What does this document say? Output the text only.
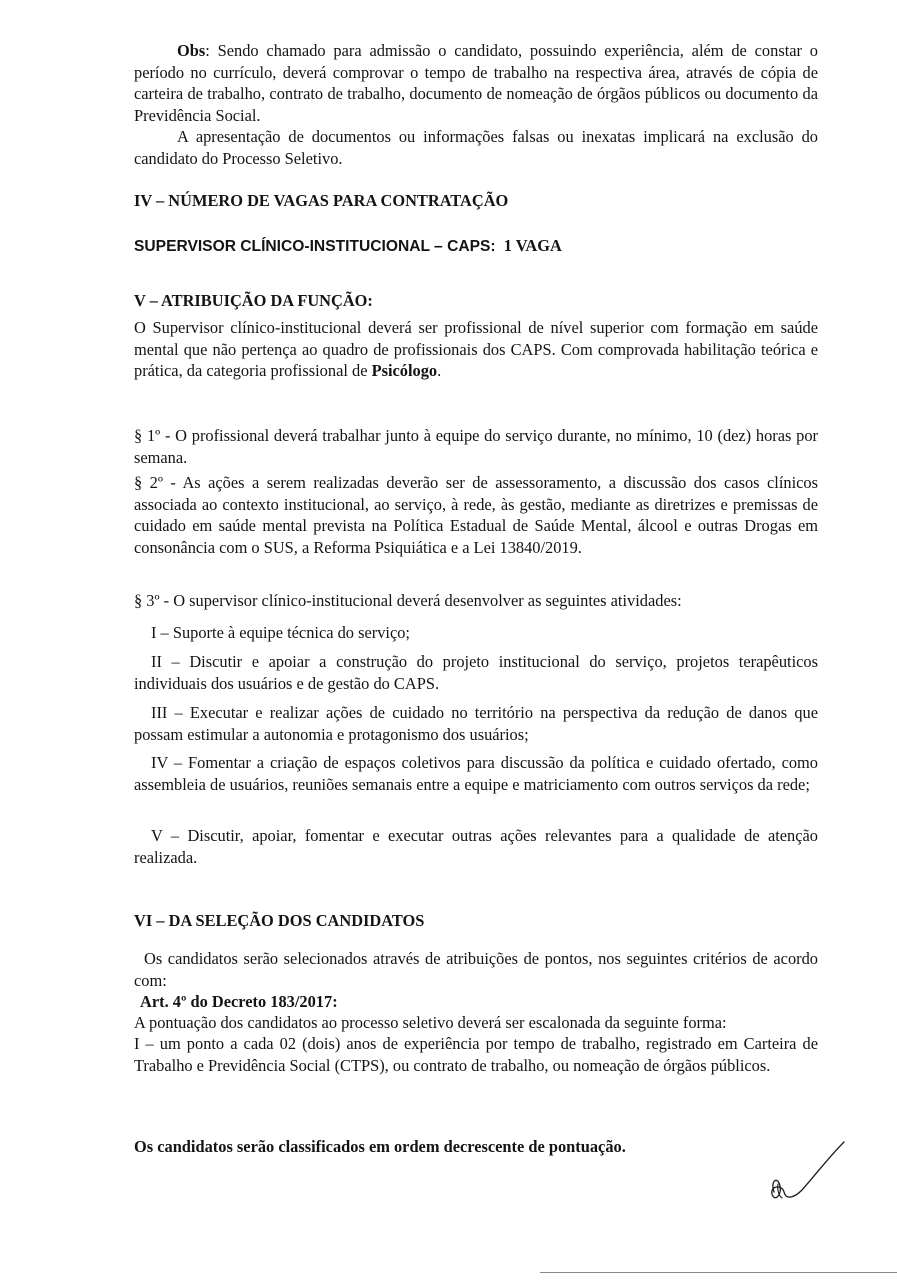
Obs: Sendo chamado para admissão o candidato, possuindo experiência, além de constar o período no currículo, deverá comprovar o tempo de trabalho na respectiva área, através de cópia de carteira de trabalho, contrato de trabalho, documento de nomeação de órgãos públicos ou documento da Previdência Social.

A apresentação de documentos ou informações falsas ou inexatas implicará na exclusão do candidato do Processo Seletivo.

IV – NÚMERO DE VAGAS PARA CONTRATAÇÃO
SUPERVISOR CLÍNICO-INSTITUCIONAL – CAPS: 1 VAGA
V – ATRIBUIÇÃO DA FUNÇÃO:

O Supervisor clínico-institucional deverá ser profissional de nível superior com formação em saúde mental que não pertença ao quadro de profissionais dos CAPS. Com comprovada habilitação teórica e prática, da categoria profissional de Psicólogo.

§ 1º - O profissional deverá trabalhar junto à equipe do serviço durante, no mínimo, 10 (dez) horas por semana.
§ 2º - As ações a serem realizadas deverão ser de assessoramento, a discussão dos casos clínicos associada ao contexto institucional, ao serviço, à rede, às gestão, mediante as diretrizes e premissas de cuidado em saúde mental prevista na Política Estadual de Saúde Mental, álcool e outras Drogas em consonância com o SUS, a Reforma Psiquiática e a Lei 13840/2019.
§ 3º - O supervisor clínico-institucional deverá desenvolver as seguintes atividades:
I – Suporte à equipe técnica do serviço;
II – Discutir e apoiar a construção do projeto institucional do serviço, projetos terapêuticos individuais dos usuários e de gestão do CAPS.
III – Executar e realizar ações de cuidado no território na perspectiva da redução de danos que possam estimular a autonomia e protagonismo dos usuários;
IV – Fomentar a criação de espaços coletivos para discussão da política e cuidado ofertado, como assembleia de usuários, reuniões semanais entre a equipe e matriciamento com outros serviços da rede;
V – Discutir, apoiar, fomentar e executar outras ações relevantes para a qualidade de atenção realizada.
VI – DA SELEÇÃO DOS CANDIDATOS
Os candidatos serão selecionados através de atribuições de pontos, nos seguintes critérios de acordo com:
Art. 4º do Decreto 183/2017:
A pontuação dos candidatos ao processo seletivo deverá ser escalonada da seguinte forma:
I – um ponto a cada 02 (dois) anos de experiência por tempo de trabalho, registrado em Carteira de Trabalho e Previdência Social (CTPS), ou contrato de trabalho, ou nomeação de órgãos públicos.
Os candidatos serão classificados em ordem decrescente de pontuação.
